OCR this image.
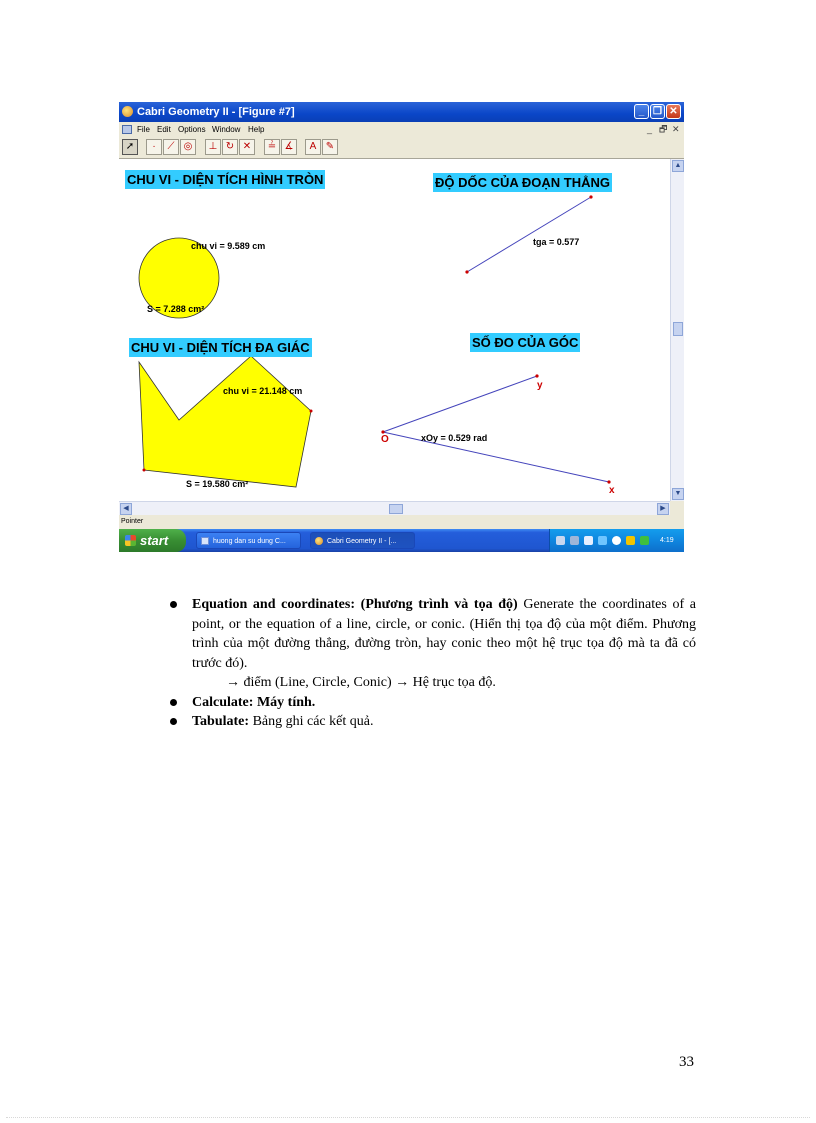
Cabri Geometry II - [Figure #7]	_ ❐ ✕
File Edit Options Window Help	_ 🗗 ✕
➚	·	⟋ ◎	⊥ ↻ ✕	≟ ∡	A ✎
CHU VI - DIỆN TÍCH HÌNH TRÒN
chu vi = 9.589 cm
S = 7.288 cm²
ĐỘ DỐC CỦA ĐOẠN THẲNG
tga = 0.577
CHU VI - DIỆN TÍCH ĐA GIÁC
chu vi = 21.148 cm
S = 19.580 cm²
SỐ ĐO CỦA GÓC
xOy = 0.529 rad
O
y
x
▲
▼
◀	▶
Pointer
start	huong dan su dung C...	Cabri Geometry II - [...	4:19 PM
Equation and coordinates: (Phương trình và tọa độ) Generate the coordinates of a point, or the equation of a line, circle, or conic. (Hiển thị tọa độ của một điểm. Phương trình của một đường thẳng, đường tròn, hay conic theo một hệ trục tọa độ mà ta đã có trước đó).
→ điểm (Line, Circle, Conic) → Hệ trục tọa độ.
Calculate: Máy tính.
Tabulate: Bảng ghi các kết quả.
33
